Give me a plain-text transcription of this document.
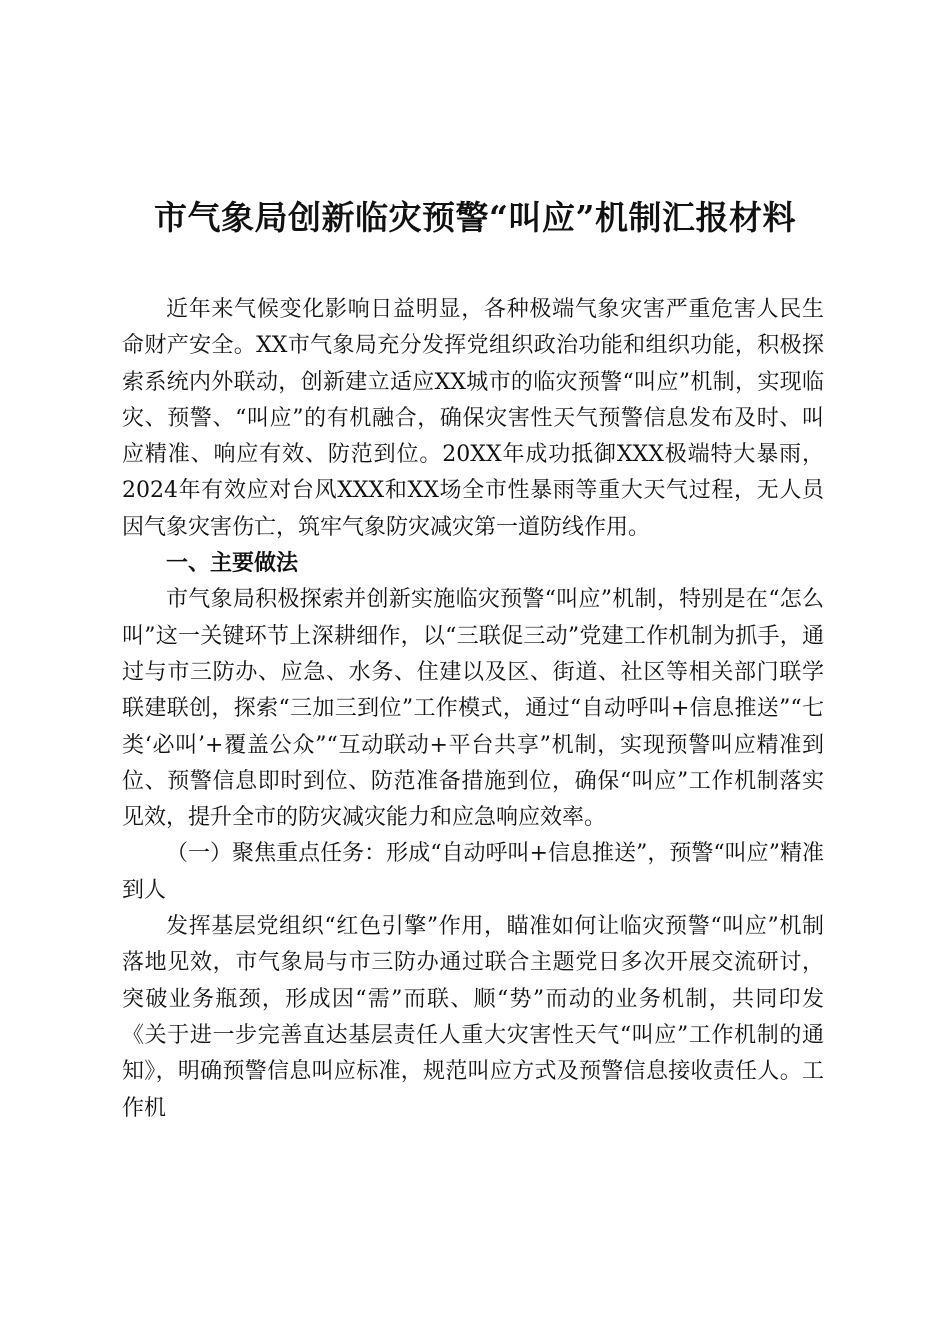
市气象局创新临灾预警“叫应”机制汇报材料

近年来气候变化影响日益明显，各种极端气象灾害严重危害人民生命财产安全。XX市气象局充分发挥党组织政治功能和组织功能，积极探索系统内外联动，创新建立适应XX城市的临灾预警“叫应”机制，实现临灾、预警、“叫应”的有机融合，确保灾害性天气预警信息发布及时、叫应精准、响应有效、防范到位。20XX年成功抵御XXX极端特大暴雨，2024年有效应对台风XXX和XX场全市性暴雨等重大天气过程，无人员因气象灾害伤亡，筑牢气象防灾减灾第一道防线作用。

一、主要做法

市气象局积极探索并创新实施临灾预警“叫应”机制，特别是在“怎么叫”这一关键环节上深耕细作，以“三联促三动”党建工作机制为抓手，通过与市三防办、应急、水务、住建以及区、街道、社区等相关部门联学联建联创，探索“三加三到位”工作模式，通过“自动呼叫+信息推送”“七类‘必叫’+覆盖公众”“互动联动+平台共享”机制，实现预警叫应精准到位、预警信息即时到位、防范准备措施到位，确保“叫应”工作机制落实见效，提升全市的防灾减灾能力和应急响应效率。

（一）聚焦重点任务：形成“自动呼叫+信息推送”，预警“叫应”精准到人

发挥基层党组织“红色引擎”作用，瞄准如何让临灾预警“叫应”机制落地见效，市气象局与市三防办通过联合主题党日多次开展交流研讨，突破业务瓶颈，形成因“需”而联、顺“势”而动的业务机制，共同印发《关于进一步完善直达基层责任人重大灾害性天气“叫应”工作机制的通知》，明确预警信息叫应标准，规范叫应方式及预警信息接收责任人。工作机
